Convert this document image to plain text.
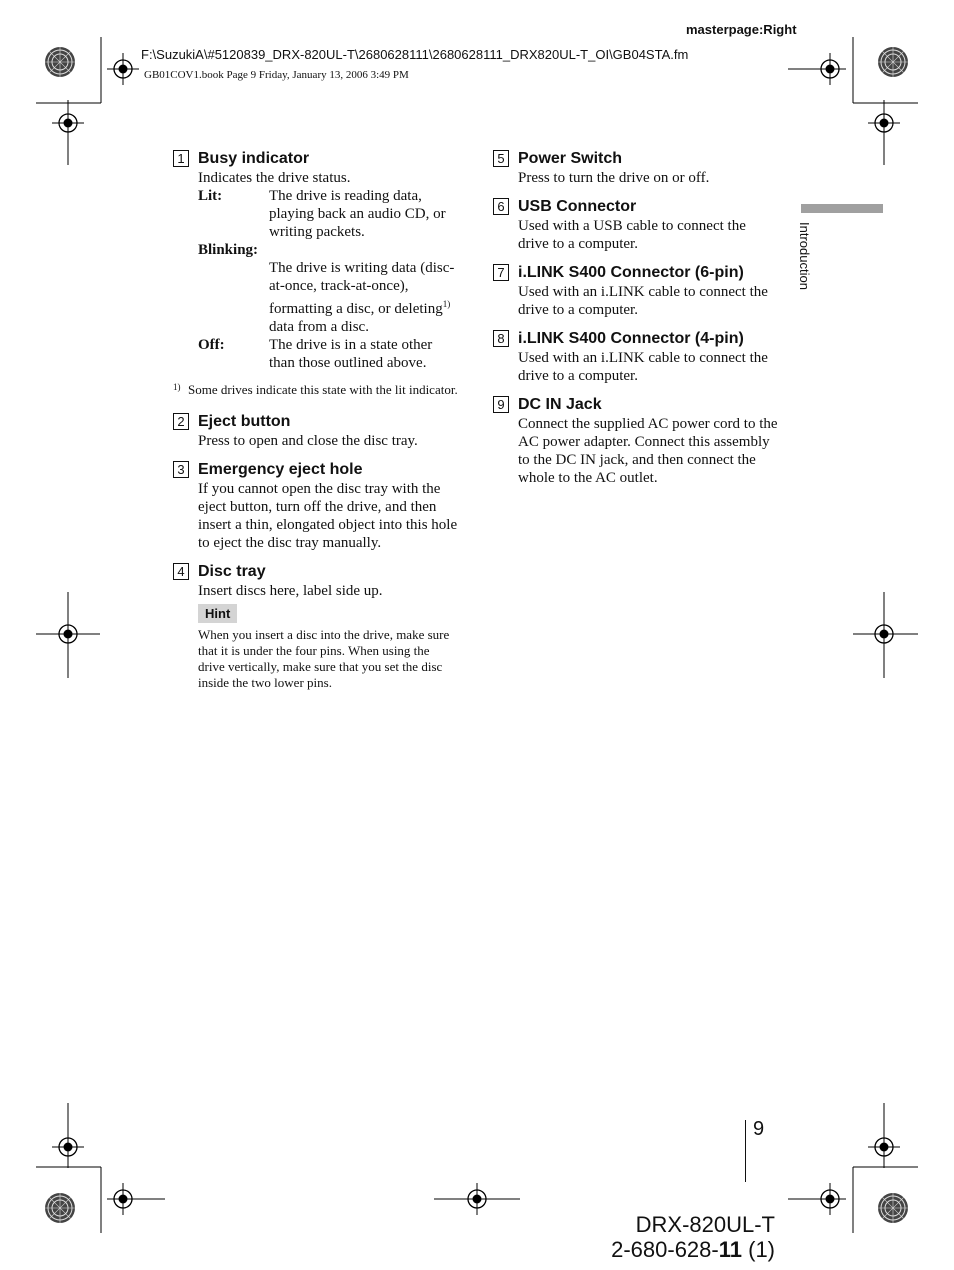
masterpage:Right
F:\SuzukiA\#5120839_DRX-820UL-T\2680628111\2680628111_DRX820UL-T_OI\GB04STA.fm
GB01COV1.book Page 9 Friday, January 13, 2006 3:49 PM
Introduction
1 Busy indicator
Indicates the drive status.
Lit:	The drive is reading data, playing back an audio CD, or writing packets.
Blinking:
The drive is writing data (disc-at-once, track-at-once), formatting a disc, or deleting$^{1)}$ data from a disc.
Off:	The drive is in a state other than those outlined above.
1) Some drives indicate this state with the lit indicator.
2 Eject button
Press to open and close the disc tray.
3 Emergency eject hole
If you cannot open the disc tray with the eject button, turn off the drive, and then insert a thin, elongated object into this hole to eject the disc tray manually.
4 Disc tray
Insert discs here, label side up.
Hint
When you insert a disc into the drive, make sure that it is under the four pins. When using the drive vertically, make sure that you set the disc inside the two lower pins.
5 Power Switch
Press to turn the drive on or off.
6 USB Connector
Used with a USB cable to connect the drive to a computer.
7 i.LINK S400 Connector (6-pin)
Used with an i.LINK cable to connect the drive to a computer.
8 i.LINK S400 Connector (4-pin)
Used with an i.LINK cable to connect the drive to a computer.
9 DC IN Jack
Connect the supplied AC power cord to the AC power adapter. Connect this assembly to the DC IN jack, and then connect the whole to the AC outlet.
9
DRX-820UL-T
2-680-628-11 (1)
